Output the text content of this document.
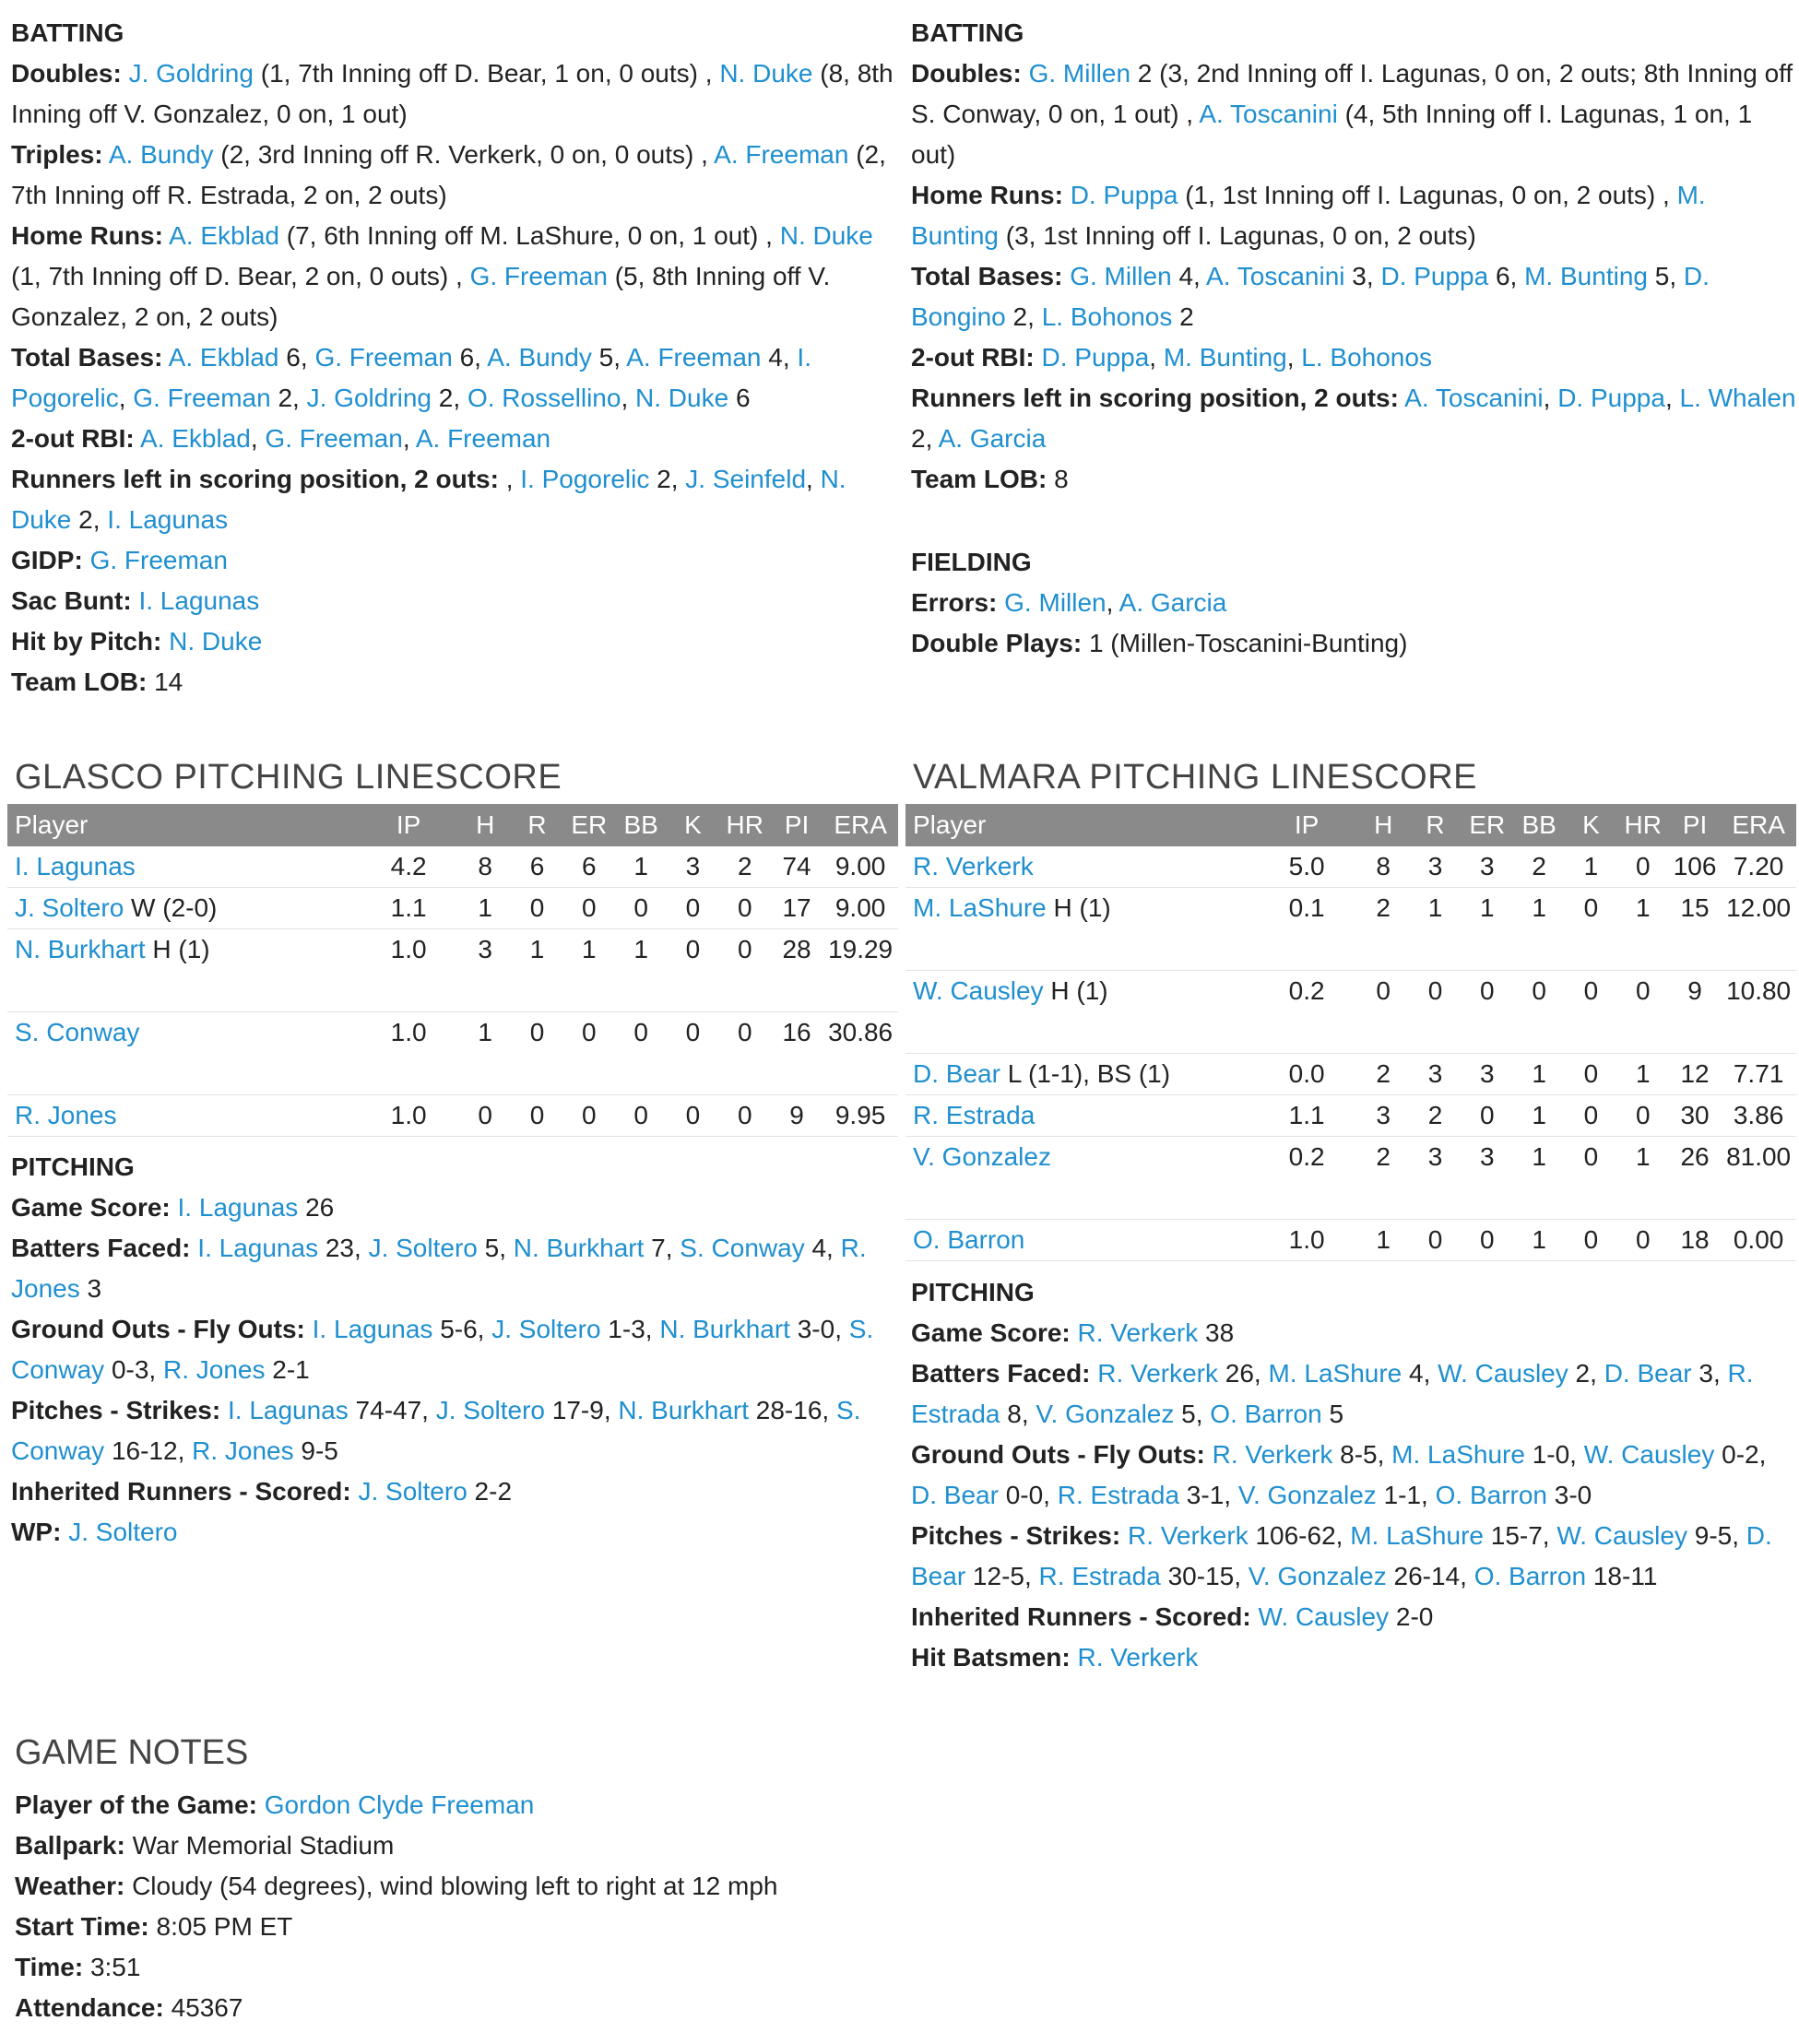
BATTING
Doubles: J. Goldring (1, 7th Inning off D. Bear, 1 on, 0 outs) , N. Duke (8, 8th Inning off V. Gonzalez, 0 on, 1 out)
Triples: A. Bundy (2, 3rd Inning off R. Verkerk, 0 on, 0 outs) , A. Freeman (2, 7th Inning off R. Estrada, 2 on, 2 outs)
Home Runs: A. Ekblad (7, 6th Inning off M. LaShure, 0 on, 1 out) , N. Duke (1, 7th Inning off D. Bear, 2 on, 0 outs) , G. Freeman (5, 8th Inning off V. Gonzalez, 2 on, 2 outs)
Total Bases: A. Ekblad 6, G. Freeman 6, A. Bundy 5, A. Freeman 4, I. Pogorelic, G. Freeman 2, J. Goldring 2, O. Rossellino, N. Duke 6
2-out RBI: A. Ekblad, G. Freeman, A. Freeman
Runners left in scoring position, 2 outs: , I. Pogorelic 2, J. Seinfeld, N. Duke 2, I. Lagunas
GIDP: G. Freeman
Sac Bunt: I. Lagunas
Hit by Pitch: N. Duke
Team LOB: 14
BATTING
Doubles: G. Millen 2 (3, 2nd Inning off I. Lagunas, 0 on, 2 outs; 8th Inning off S. Conway, 0 on, 1 out) , A. Toscanini (4, 5th Inning off I. Lagunas, 1 on, 1 out)
Home Runs: D. Puppa (1, 1st Inning off I. Lagunas, 0 on, 2 outs) , M. Bunting (3, 1st Inning off I. Lagunas, 0 on, 2 outs)
Total Bases: G. Millen 4, A. Toscanini 3, D. Puppa 6, M. Bunting 5, D. Bongino 2, L. Bohonos 2
2-out RBI: D. Puppa, M. Bunting, L. Bohonos
Runners left in scoring position, 2 outs: A. Toscanini, D. Puppa, L. Whalen 2, A. Garcia
Team LOB: 8
FIELDING
Errors: G. Millen, A. Garcia
Double Plays: 1 (Millen-Toscanini-Bunting)
GLASCO PITCHING LINESCORE
Player	IP	H	R	ER	BB	K	HR	PI	ERA
I. Lagunas	4.2	8	6	6	1	3	2	74	9.00
J. Soltero W (2-0)	1.1	1	0	0	0	0	0	17	9.00
N. Burkhart H (1)	1.0	3	1	1	1	0	0	28	19.29
S. Conway	1.0	1	0	0	0	0	0	16	30.86
R. Jones	1.0	0	0	0	0	0	0	9	9.95
VALMARA PITCHING LINESCORE
Player	IP	H	R	ER	BB	K	HR	PI	ERA
R. Verkerk	5.0	8	3	3	2	1	0	106	7.20
M. LaShure H (1)	0.1	2	1	1	1	0	1	15	12.00
W. Causley H (1)	0.2	0	0	0	0	0	0	9	10.80
D. Bear L (1-1), BS (1)	0.0	2	3	3	1	0	1	12	7.71
R. Estrada	1.1	3	2	0	1	0	0	30	3.86
V. Gonzalez	0.2	2	3	3	1	0	1	26	81.00
O. Barron	1.0	1	0	0	1	0	0	18	0.00
PITCHING
Game Score: I. Lagunas 26
Batters Faced: I. Lagunas 23, J. Soltero 5, N. Burkhart 7, S. Conway 4, R. Jones 3
Ground Outs - Fly Outs: I. Lagunas 5-6, J. Soltero 1-3, N. Burkhart 3-0, S. Conway 0-3, R. Jones 2-1
Pitches - Strikes: I. Lagunas 74-47, J. Soltero 17-9, N. Burkhart 28-16, S. Conway 16-12, R. Jones 9-5
Inherited Runners - Scored: J. Soltero 2-2
WP: J. Soltero
PITCHING
Game Score: R. Verkerk 38
Batters Faced: R. Verkerk 26, M. LaShure 4, W. Causley 2, D. Bear 3, R. Estrada 8, V. Gonzalez 5, O. Barron 5
Ground Outs - Fly Outs: R. Verkerk 8-5, M. LaShure 1-0, W. Causley 0-2, D. Bear 0-0, R. Estrada 3-1, V. Gonzalez 1-1, O. Barron 3-0
Pitches - Strikes: R. Verkerk 106-62, M. LaShure 15-7, W. Causley 9-5, D. Bear 12-5, R. Estrada 30-15, V. Gonzalez 26-14, O. Barron 18-11
Inherited Runners - Scored: W. Causley 2-0
Hit Batsmen: R. Verkerk
GAME NOTES
Player of the Game: Gordon Clyde Freeman
Ballpark: War Memorial Stadium
Weather: Cloudy (54 degrees), wind blowing left to right at 12 mph
Start Time: 8:05 PM ET
Time: 3:51
Attendance: 45367
